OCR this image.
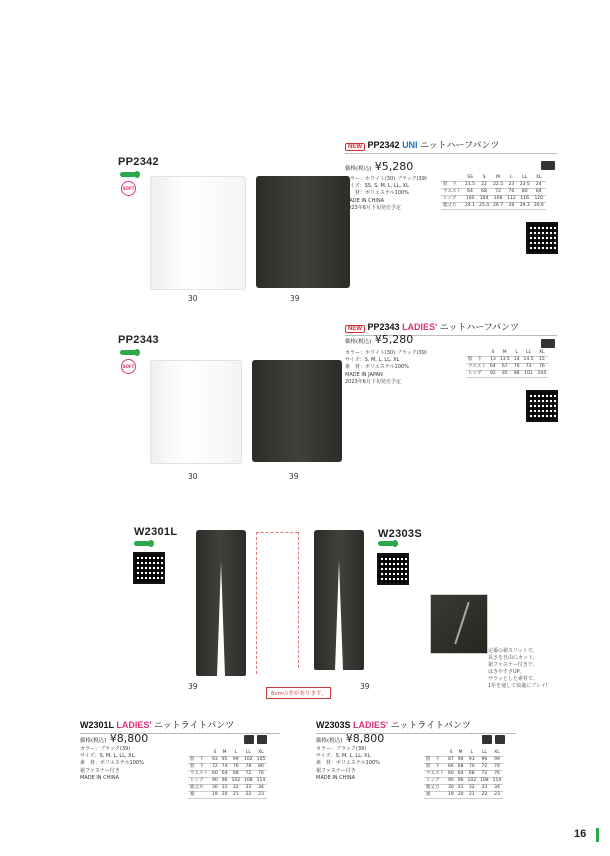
PP2342
SOFT
30	39
NEW PP2342 UNI ニットハーフパンツ
価格(税込) ¥5,280
カラー：ホワイト(30) ブラック(39)
サイズ：SS, S, M, L, LL, XL
素　材：ポリエステル100%
MADE IN CHINA
2023年6月下旬発売予定
	SS	S	M	L	LL	XL
股　下	21.5	22	22.5	23	23.5	24
ウエスト	64	68	72	76	80	84
ヒップ	100	104	108	112	116	120
総丈方	24.1	25.4	26.7	28	29.3	30.6
PP2343
SOFT
30	39
NEW PP2343 LADIES' ニットハーフパンツ
価格(税込) ¥5,280
カラー：ホワイト(30) ブラック(39)
サイズ：S, M, L, LL, XL
素　材：ポリエステル100%
MADE IN JAPAN
2023年6月下旬発売予定
	S	M	L	LL	XL
股　下	13	13.5	14	14.5	15
ウエスト	64	67	70	73	76
ヒップ	92	95	98	101	104
W2301L	W2303S
6cmの差があります。
39	39
定番の裾スリットで、
長さを自由にカット。
裾ファスナー付きで、
はきやすさUP。
サラッとした素材で、
1年を通して快適にプレイ!
W2301L LADIES' ニットライトパンツ
価格(税込) ¥8,800
カラー：ブラック(39)
サイズ：S, M, L, LL, XL
素　材：ポリエステル100%
裾ファスナー付き
MADE IN CHINA
	S	M	L	LL	XL
股　下	93	95	99	102	105
股　下	72	74	76	78	80
ウエスト	60	64	68	72	76
ヒップ	90	96	102	108	114
総丈方	30	31	32	33	34
裾	19	20	21	22	23
W2303S LADIES' ニットライトパンツ
価格(税込) ¥8,800
カラー：ブラック(39)
サイズ：S, M, L, LL, XL
素　材：ポリエステル100%
裾ファスナー付き
MADE IN CHINA
	S	M	L	LL	XL
股　下	87	90	93	96	99
股　下	66	68	70	72	74
ウエスト	60	64	68	72	76
ヒップ	90	96	102	108	114
総丈方	30	31	32	33	34
裾	19	20	21	22	23
16
